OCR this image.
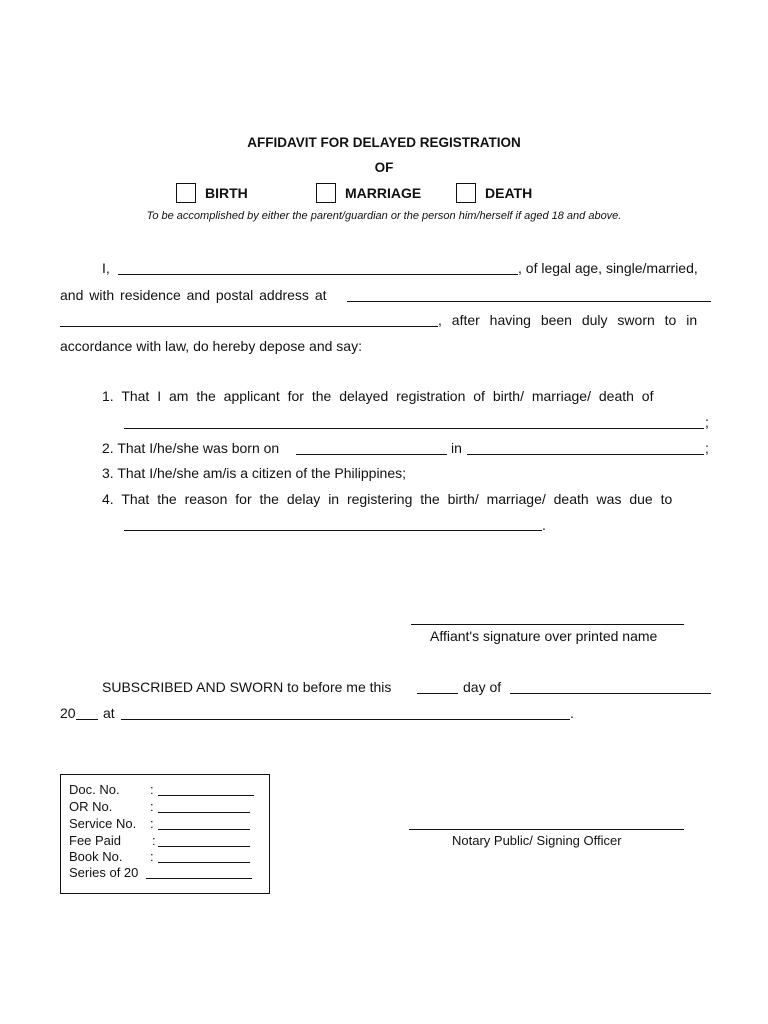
AFFIDAVIT FOR DELAYED REGISTRATION
OF
BIRTH	MARRIAGE	DEATH
To be accomplished by either the parent/guardian or the person him/herself if aged 18 and above.
I,	, of legal age, single/married,
and with residence and postal address at
, after having been duly sworn to in
accordance with law, do hereby depose and say:
1. That I am the applicant for the delayed registration of birth/ marriage/ death of
;
2. That I/he/she was born on	in	;
3. That I/he/she am/is a citizen of the Philippines;
4. That the reason for the delay in registering the birth/ marriage/ death was due to
.
Affiant's signature over printed name
SUBSCRIBED AND SWORN to before me this	day of
20 at	.
Doc. No. :
OR No.	:
Service No. :
Fee Paid :
Book No. :
Series of 20
Notary Public/ Signing Officer
